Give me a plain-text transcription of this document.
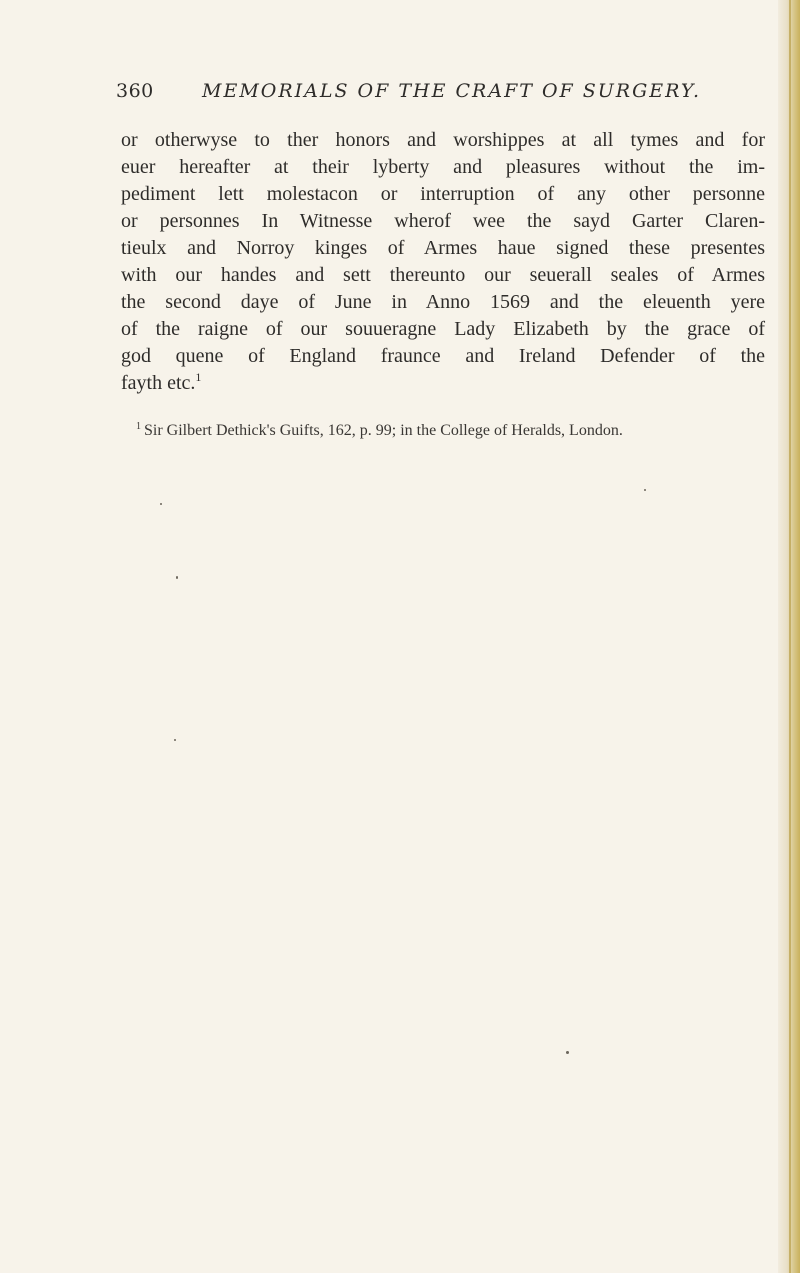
360	MEMORIALS OF THE CRAFT OF SURGERY.
or otherwyse to ther honors and worshippes at all tymes and for
euer hereafter at their lyberty and pleasures without the im-
pediment lett molestacon or interruption of any other personne
or personnes In Witnesse wherof wee the sayd Garter Claren-
tieulx and Norroy kinges of Armes haue signed these presentes
with our handes and sett thereunto our seuerall seales of Armes
the second daye of June in Anno 1569 and the eleuenth yere
of the raigne of our souueragne Lady Elizabeth by the grace of
god quene of England fraunce and Ireland Defender of the
fayth etc.$^1$
$^1$ Sir Gilbert Dethick's Guifts, 162, p. 99; in the College of Heralds, London.
